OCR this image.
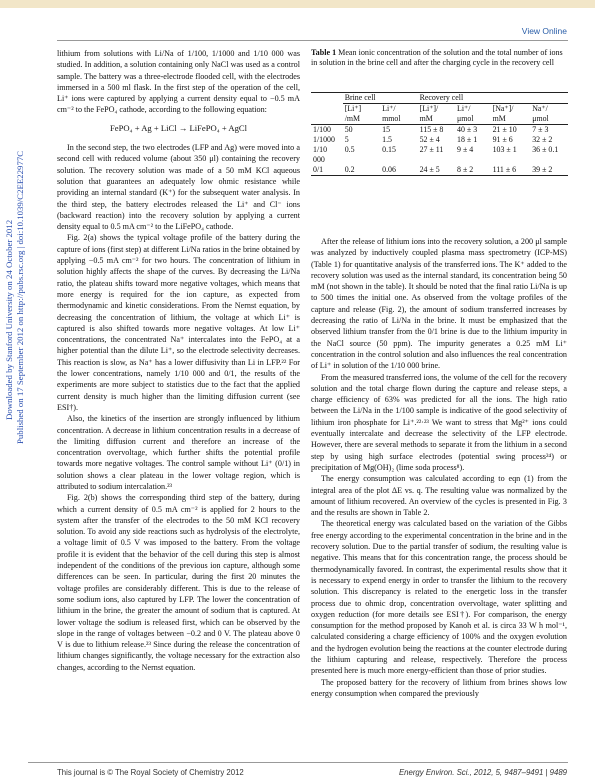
View Online
Downloaded by Stanford University on 24 October 2012 Published on 17 September 2012 on http://pubs.rsc.org | doi:10.1039/C2EE22977C

lithium from solutions with Li/Na of 1/100, 1/1000 and 1/10 000 was studied. In addition, a solution containing only NaCl was used as a control sample. The battery was a three-electrode flooded cell, with the electrodes immersed in a 500 ml flask. In the first step of the operation of the cell, Li⁺ ions were captured by applying a current density equal to −0.5 mA cm⁻² to the FePO₄ cathode, according to the following equation:

FePO₄ + Ag + LiCl → LiFePO₄ + AgCl

In the second step, the two electrodes (LFP and Ag) were moved into a second cell with reduced volume (about 350 μl) containing the recovery solution. The recovery solution was made of a 50 mM KCl aqueous solution that guarantees an adequately low ohmic resistance while providing an internal standard (K⁺) for the subsequent water analysis. In the third step, the battery electrodes released the Li⁺ and Cl⁻ ions (backward reaction) into the recovery solution by applying a current density equal to 0.5 mA cm⁻² to the LiFePO₄ cathode.

Fig. 2(a) shows the typical voltage profile of the battery during the capture of ions (first step) at different Li/Na ratios in the brine obtained by applying −0.5 mA cm⁻² for two hours. The concentration of lithium in solution highly affects the shape of the curves. By decreasing the Li/Na ratio, the plateau shifts toward more negative voltages, which means that more energy is required for the ion capture, as expected from thermodynamic and kinetic considerations. From the Nernst equation, by decreasing the concentration of lithium, the voltage at which Li⁺ is captured is also shifted towards more negative voltages. At low Li⁺ concentrations, the concentrated Na⁺ intercalates into the FePO₄ at a higher potential than the dilute Li⁺, so the electrode selectivity decreases. This reaction is slow, as Na⁺ has a lower diffusivity than Li in LFP.²² For the lower concentrations, namely 1/10 000 and 0/1, the results of the experiments are more subject to statistics due to the fact that the applied current density is much higher than the limiting diffusion current (see ESI†).

Also, the kinetics of the insertion are strongly influenced by lithium concentration. A decrease in lithium concentration results in a decrease of the limiting diffusion current and therefore an increase of the concentration overvoltage, which further shifts the potential profile towards more negative voltages. The control sample without Li⁺ (0/1) in solution shows a clear plateau in the lower voltage region, which is attributed to sodium intercalation.²³

Fig. 2(b) shows the corresponding third step of the battery, during which a current density of 0.5 mA cm⁻² is applied for 2 hours to the system after the transfer of the electrodes to the 50 mM KCl recovery solution. To avoid any side reactions such as hydrolysis of the electrolyte, a voltage limit of 0.5 V was imposed to the battery. From the voltage profile it is evident that the behavior of the cell during this step is almost independent of the conditions of the previous ion capture, although some differences can be seen. In particular, during the first 20 minutes the voltage profiles are considerably different. This is due to the release of some sodium ions, also captured by LFP. The lower the concentration of lithium in the brine, the greater the amount of sodium that is captured. At lower voltage the sodium is released first, which can be observed by the slope in the range of voltages between −0.2 and 0 V. The plateau above 0 V is due to lithium release.²³ Since during the release the concentration of lithium changes significantly, the voltage necessary for the extraction also changes, according to the Nernst equation.

Table 1 Mean ionic concentration of the solution and the total number of ions in solution in the brine cell and after the charging cycle in the recovery cell
	Brine cell		Recovery cell			
	[Li⁺] /mM	Li⁺/ mmol	[Li⁺]/ mM	Li⁺/ μmol	[Na⁺]/ mM	Na⁺/ μmol
1/100	50	15	115 ± 8	40 ± 3	21 ± 10	7 ± 3
1/1000	5	1.5	52 ± 4	18 ± 1	91 ± 6	32 ± 2
1/10 000	0.5	0.15	27 ± 11	9 ± 4	103 ± 1	36 ± 0.1
0/1	0.2	0.06	24 ± 5	8 ± 2	111 ± 6	39 ± 2

After the release of lithium ions into the recovery solution, a 200 μl sample was analyzed by inductively coupled plasma mass spectrometry (ICP-MS) (Table 1) for quantitative analysis of the transferred ions. The K⁺ added to the recovery solution was used as the internal standard, its concentration being 50 mM (not shown in the table). It should be noted that the final ratio Li/Na is up to 500 times the initial one. As observed from the voltage profiles of the capture and release (Fig. 2), the amount of sodium transferred increases by decreasing the ratio of Li/Na in the brine. It must be emphasized that the observed lithium transfer from the 0/1 brine is due to the lithium impurity in the NaCl source (50 ppm). The impurity generates a 0.25 mM Li⁺ concentration in the control solution and also influences the real concentration of Li⁺ in solution of the 1/10 000 brine.

From the measured transferred ions, the volume of the cell for the recovery solution and the total charge flown during the capture and release steps, a charge efficiency of 63% was predicted for all the ions. The high ratio between the Li/Na in the 1/100 sample is indicative of the good selectivity of lithium iron phosphate for Li⁺.²²·²³ We want to stress that Mg²⁺ ions could eventually intercalate and decrease the selectivity of the LFP electrode. However, there are several methods to separate it from the lithium in a second step by using high surface electrodes (potential swing process²⁴) or precipitation of Mg(OH)₂ (lime soda process⁸).

The energy consumption was calculated according to eqn (1) from the integral area of the plot ΔE vs. q. The resulting value was normalized by the amount of lithium recovered. An overview of the cycles is presented in Fig. 3 and the results are shown in Table 2.

The theoretical energy was calculated based on the variation of the Gibbs free energy according to the experimental concentration in the brine and in the recovery solution. Due to the partial transfer of sodium, the resulting value is negative. This means that for this concentration range, the process should be thermodynamically favored. In contrast, the experimental results show that it is necessary to expend energy in order to transfer the lithium to the recovery solution. This discrepancy is related to the energetic loss in the transfer process due to ohmic drop, concentration overvoltage, water splitting and oxygen reduction (for more details see ESI†). For comparison, the energy consumption for the method proposed by Kanoh et al. is circa 33 W h mol⁻¹, calculated considering a charge efficiency of 100% and the oxygen evolution and the hydrogen evolution being the reactions at the counter electrode during the lithium capturing and release, respectively. Therefore the process presented here is much more energy-efficient than those of prior studies.

The proposed battery for the recovery of lithium from brines shows low energy consumption when compared the previously

This journal is © The Royal Society of Chemistry 2012	Energy Environ. Sci., 2012, 5, 9487–9491 | 9489
